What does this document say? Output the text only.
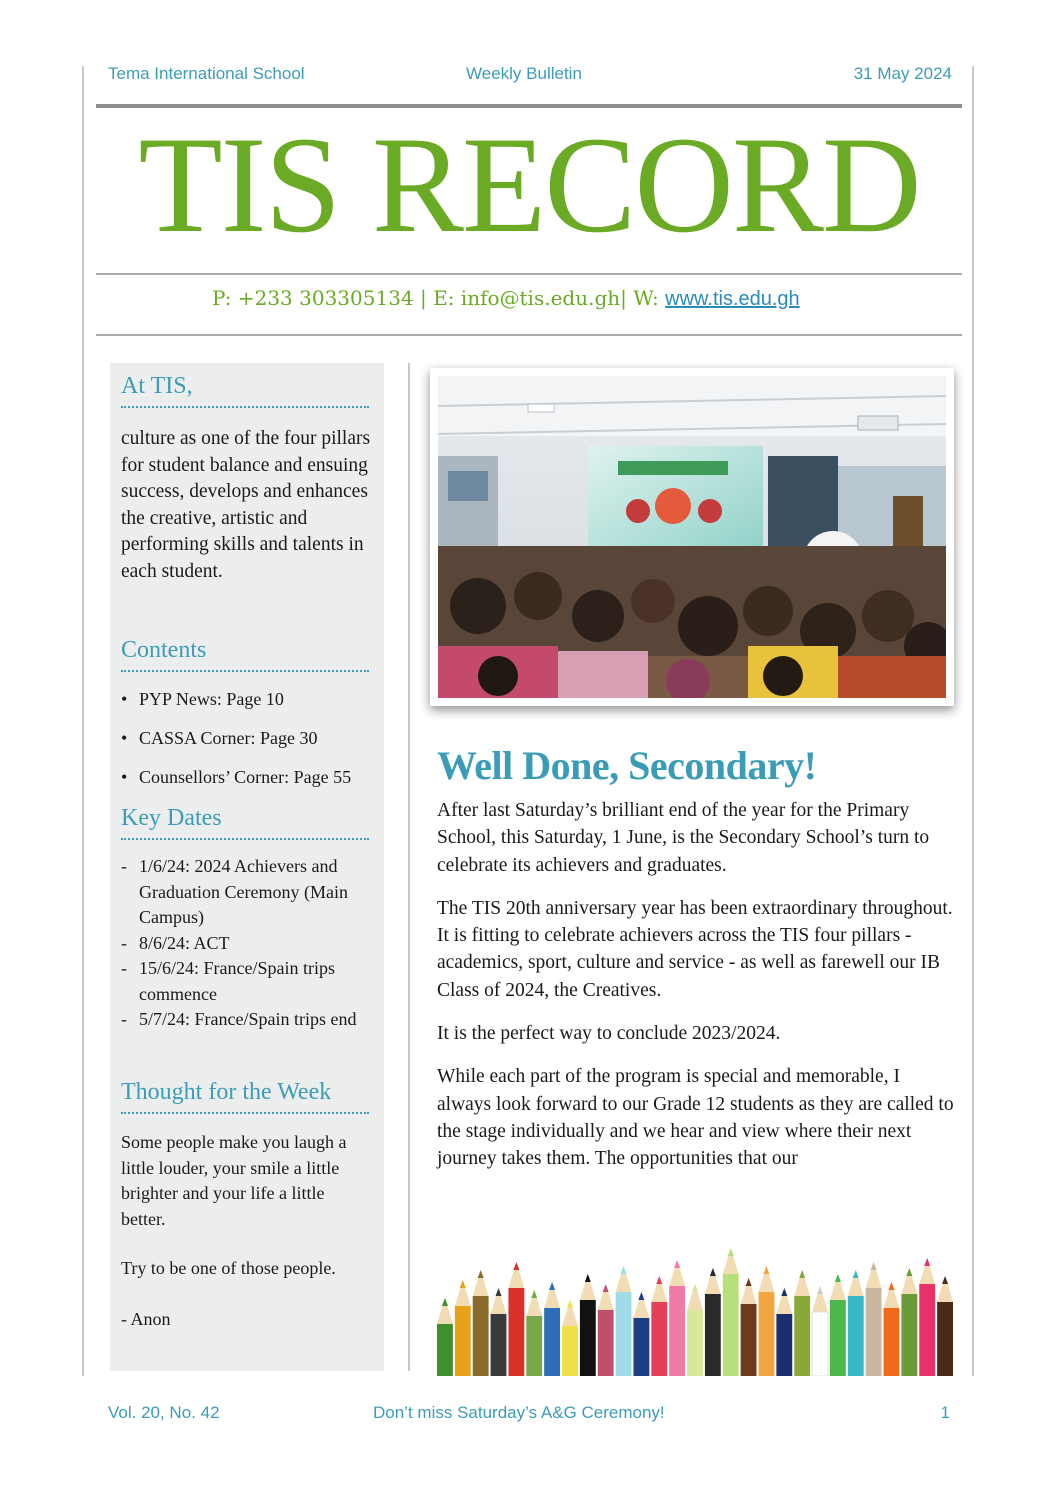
Tema International School	Weekly Bulletin	31 May 2024
TIS RECORD
P: +233 303305134 | E: info@tis.edu.gh| W: www.tis.edu.gh
At TIS,
culture as one of the four pillars for student balance and ensuing success, develops and enhances the creative, artistic and performing skills and talents in each student.
Contents
• PYP News: Page 10
• CASSA Corner: Page 30
• Counsellors’ Corner: Page 55
Key Dates
- 1/6/24: 2024 Achievers and Graduation Ceremony (Main Campus)
- 8/6/24: ACT
- 15/6/24: France/Spain trips commence
- 5/7/24: France/Spain trips end
Thought for the Week
Some people make you laugh a little louder, your smile a little brighter and your life a little better.
Try to be one of those people.
- Anon
Well Done, Secondary!

After last Saturday’s brilliant end of the year for the Primary School, this Saturday, 1 June, is the Secondary School’s turn to celebrate its achievers and graduates.

The TIS 20th anniversary year has been extraordinary throughout. It is fitting to celebrate achievers across the TIS four pillars - academics, sport, culture and service - as well as farewell our IB Class of 2024, the Creatives.

It is the perfect way to conclude 2023/2024.

While each part of the program is special and memorable, I always look forward to our Grade 12 students as they are called to the stage individually and we hear and view where their next journey takes them. The opportunities that our

Vol. 20, No. 42	Don’t miss Saturday’s A&G Ceremony!	1
